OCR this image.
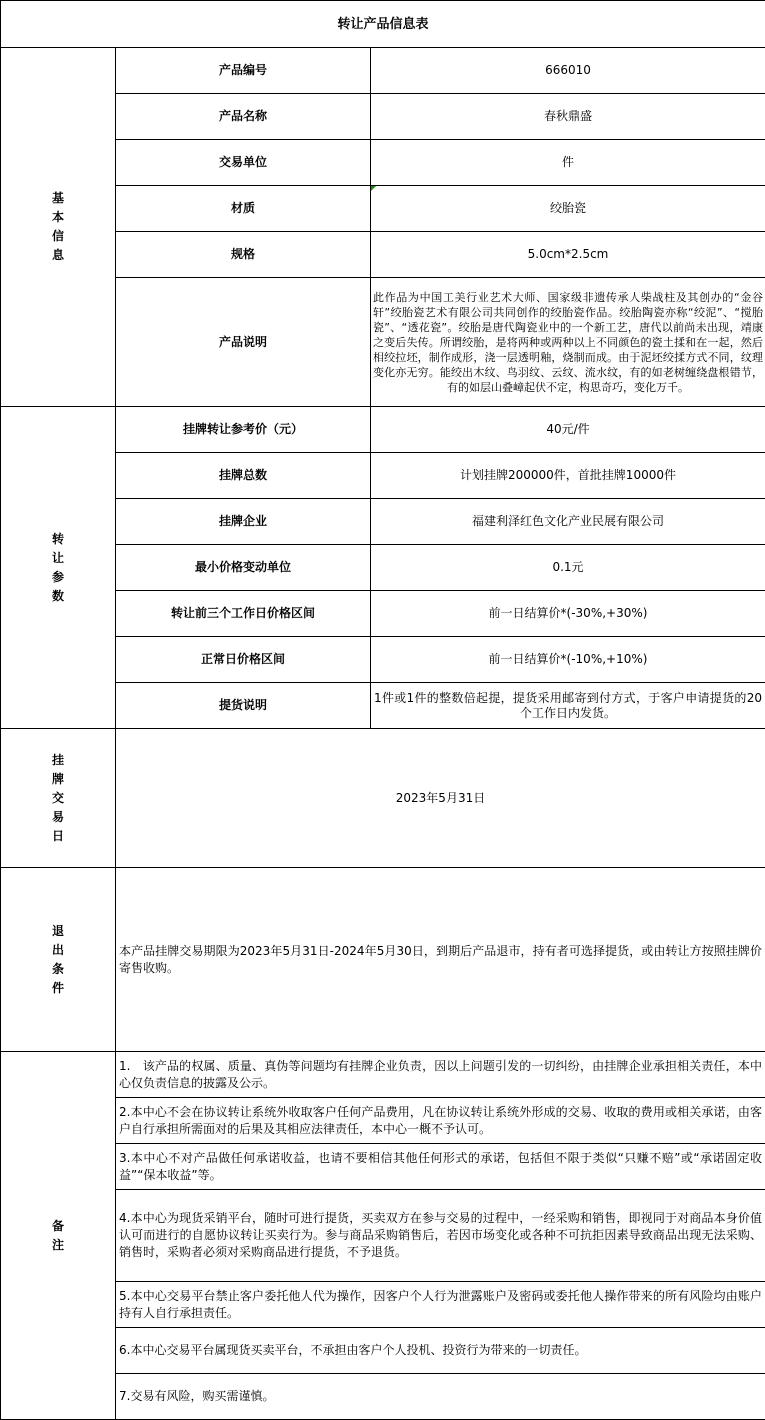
转让产品信息表		
基本信息	产品编号	666010
	产品名称	春秋鼎盛
	交易单位	件
	材质	绞胎瓷
	规格	5.0cm*2.5cm
	产品说明	此作品为中国工美行业艺术大师、国家级非遗传承人柴战柱及其创办的“金谷轩”绞胎瓷艺术有限公司共同创作的绞胎瓷作品。绞胎陶瓷亦称“绞泥”、“搅胎瓷”、“透花瓷”。绞胎是唐代陶瓷业中的一个新工艺，唐代以前尚未出现，靖康之变后失传。所谓绞胎，是将两种或两种以上不同颜色的瓷土揉和在一起，然后相绞拉坯，制作成形，浇一层透明釉，烧制而成。由于泥坯绞揉方式不同，纹理变化亦无穷。能绞出木纹、鸟羽纹、云纹、流水纹，有的如老树缠绕盘根错节，有的如层山叠嶂起伏不定，构思奇巧，变化万千。
转让参数	挂牌转让参考价（元）	40元/件
	挂牌总数	计划挂牌200000件，首批挂牌10000件
	挂牌企业	福建利泽红色文化产业民展有限公司
	最小价格变动单位	0.1元
	转让前三个工作日价格区间	前一日结算价*(-30%,+30%)
	正常日价格区间	前一日结算价*(-10%,+10%)
	提货说明	1件或1件的整数倍起提，提货采用邮寄到付方式，于客户申请提货的20个工作日内发货。
挂牌交易日	2023年5月31日	
退出条件	本产品挂牌交易期限为2023年5月31日-2024年5月30日，到期后产品退市，持有者可选择提货，或由转让方按照挂牌价寄售收购。	
备注	1.　该产品的权属、质量、真伪等问题均有挂牌企业负责，因以上问题引发的一切纠纷，由挂牌企业承担相关责任，本中心仅负责信息的披露及公示。	
	2.本中心不会在协议转让系统外收取客户任何产品费用，凡在协议转让系统外形成的交易、收取的费用或相关承诺，由客户自行承担所需面对的后果及其相应法律责任，本中心一概不予认可。	
	3.本中心不对产品做任何承诺收益，也请不要相信其他任何形式的承诺，包括但不限于类似“只赚不赔”或“承诺固定收益”“保本收益”等。	
	4.本中心为现货采销平台，随时可进行提货，买卖双方在参与交易的过程中，一经采购和销售，即视同于对商品本身价值认可而进行的自愿协议转让买卖行为。参与商品采购销售后，若因市场变化或各种不可抗拒因素导致商品出现无法采购、销售时，采购者必须对采购商品进行提货，不予退货。	
	5.本中心交易平台禁止客户委托他人代为操作，因客户个人行为泄露账户及密码或委托他人操作带来的所有风险均由账户持有人自行承担责任。	
	6.本中心交易平台属现货买卖平台，不承担由客户个人投机、投资行为带来的一切责任。	
	7.交易有风险，购买需谨慎。	
